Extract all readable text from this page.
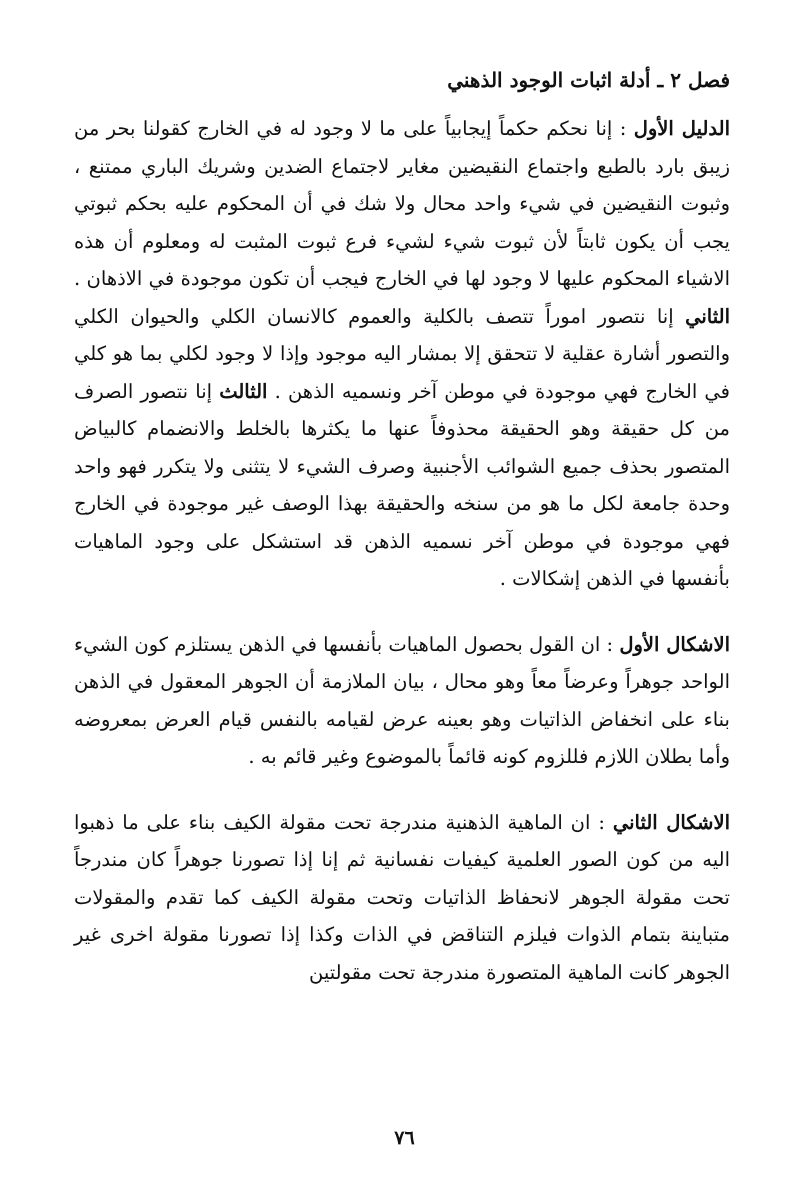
فصل ٢ ـ أدلة اثبات الوجود الذهني

الدليل الأول : إنا نحكم حكماً إيجابياً على ما لا وجود له في الخارج كقولنا بحر من زيبق بارد بالطبع واجتماع النقيضين مغاير لاجتماع الضدين وشريك الباري ممتنع ، وثبوت النقيضين في شيء واحد محال ولا شك في أن المحكوم عليه بحكم ثبوتي يجب أن يكون ثابتاً لأن ثبوت شيء لشيء فرع ثبوت المثبت له ومعلوم أن هذه الاشياء المحكوم عليها لا وجود لها في الخارج فيجب أن تكون موجودة في الاذهان . الثاني إنا نتصور اموراً تتصف بالكلية والعموم كالانسان الكلي والحيوان الكلي والتصور أشارة عقلية لا تتحقق إلا بمشار اليه موجود وإذا لا وجود لكلي بما هو كلي في الخارج فهي موجودة في موطن آخر ونسميه الذهن . الثالث إنا نتصور الصرف من كل حقيقة وهو الحقيقة محذوفاً عنها ما يكثرها بالخلط والانضمام كالبياض المتصور بحذف جميع الشوائب الأجنبية وصرف الشيء لا يتثنى ولا يتكرر فهو واحد وحدة جامعة لكل ما هو من سنخه والحقيقة بهذا الوصف غير موجودة في الخارج فهي موجودة في موطن آخر نسميه الذهن قد استشكل على وجود الماهيات بأنفسها في الذهن إشكالات .

الاشكال الأول : ان القول بحصول الماهيات بأنفسها في الذهن يستلزم كون الشيء الواحد جوهراً وعرضاً معاً وهو محال ، بيان الملازمة أن الجوهر المعقول في الذهن بناء على انخفاض الذاتيات وهو بعينه عرض لقيامه بالنفس قيام العرض بمعروضه وأما بطلان اللازم فللزوم كونه قائماً بالموضوع وغير قائم به .

الاشكال الثاني : ان الماهية الذهنية مندرجة تحت مقولة الكيف بناء على ما ذهبوا اليه من كون الصور العلمية كيفيات نفسانية ثم إنا إذا تصورنا جوهراً كان مندرجاً تحت مقولة الجوهر لانحفاظ الذاتيات وتحت مقولة الكيف كما تقدم والمقولات متباينة بتمام الذوات فيلزم التناقض في الذات وكذا إذا تصورنا مقولة اخرى غير الجوهر كانت الماهية المتصورة مندرجة تحت مقولتين

٧٦
